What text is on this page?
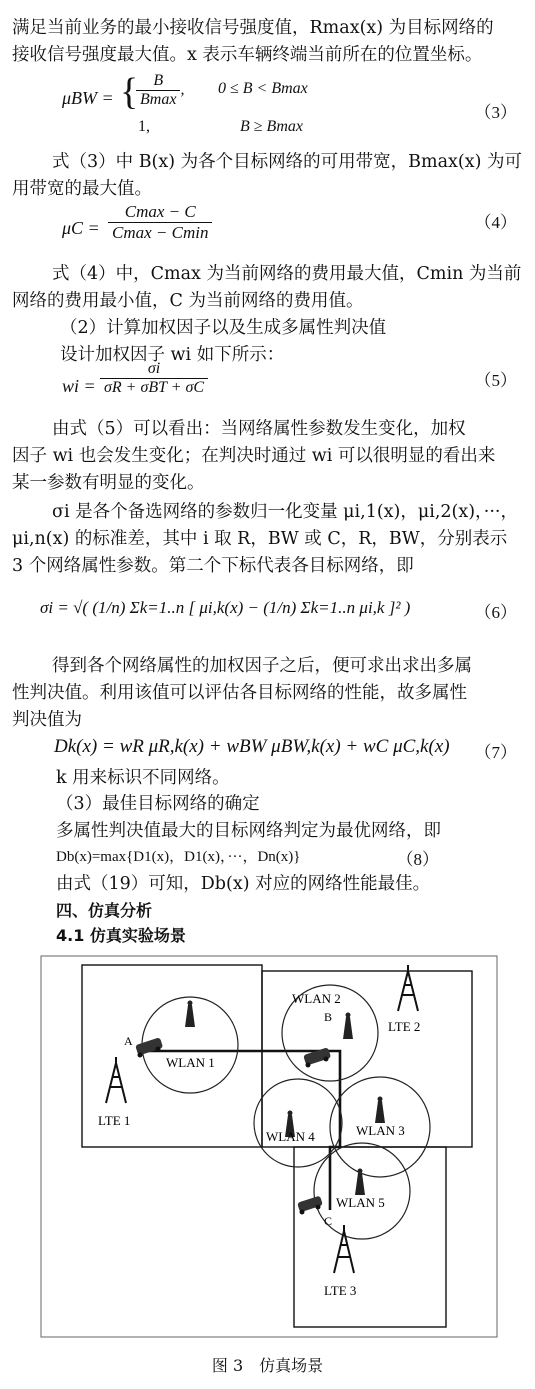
满足当前业务的最小接收信号强度值，Rmax(x) 为目标网络的
接收信号强度最大值。x 表示车辆终端当前所在的位置坐标。
μBW = {
$\frac{B}{Bmax}$ , 0 ≤ B < Bmax
1,	B ≥ Bmax
（3）
式（3）中 B(x) 为各个目标网络的可用带宽，Bmax(x) 为可
用带宽的最大值。
$\mu C = \frac{Cmax - C}{Cmax - Cmin}$	（4）
式（4）中，Cmax 为当前网络的费用最大值，Cmin 为当前
网络的费用最小值，C 为当前网络的费用值。
（2）计算加权因子以及生成多属性判决值
设计加权因子 wi 如下所示：
wi = $\frac{\sigma i}{\text{σR + σBT + σC}}$	（5）
由式（5）可以看出：当网络属性参数发生变化，加权
因子 wi 也会发生变化；在判决时通过 wi 可以很明显的看出来
某一参数有明显的变化。
σi 是各个备选网络的参数归一化变量 μi,1(x)，μi,2(x)，···，
μi,n(x) 的标准差，其中 i 取 R，BW 或 C，R，BW，分别表示
3 个网络属性参数。第二个下标代表各目标网络，即
σi = √( (1/n) Σk=1..n [ μi,k(x) − (1/n) Σk=1..n μi,k ]² )	（6）
得到各个网络属性的加权因子之后，便可求出求出多属
性判决值。利用该值可以评估各目标网络的性能，故多属性
判决值为
Dk(x) = wR μR,k(x) + wBW μBW,k(x) + wC μC,k(x) （7）
k 用来标识不同网络。
（3）最佳目标网络的确定
多属性判决值最大的目标网络判定为最优网络，即
Db(x)=max{D1(x)，D1(x)，···，Dn(x)}	（8）
由式（19）可知，Db(x) 对应的网络性能最佳。
四、仿真分析
4.1 仿真实验场景
WLAN 1
WLAN 2
WLAN 3
WLAN 4
WLAN 5
LTE 1
LTE 2
LTE 3
A
B
C
图 3　仿真场景
